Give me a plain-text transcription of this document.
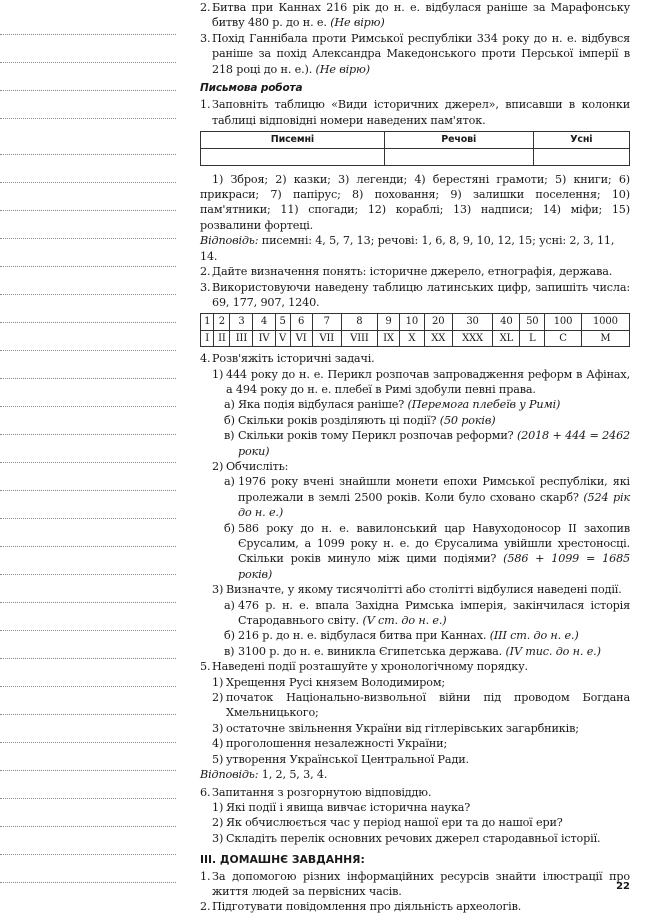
2. Битва при Каннах 216 рік до н. е. відбулася раніше за Марафонську битву 480 р. до н. е. (Не вірю)
3. Похід Ганнібала проти Римської республіки 334 року до н. е. відбувся раніше за похід Александра Македонського проти Перської імперії в 218 році до н. е.). (Не вірю)
Письмова робота
1. Заповніть таблицю «Види історичних джерел», вписавши в колонки таблиці відповідні номери наведених пам'яток.
Писемні	Речові	Усні

1) Зброя; 2) казки; 3) легенди; 4) берестяні грамоти; 5) книги; 6) прикраси; 7) папірус; 8) поховання; 9) залишки поселення; 10) пам'ятники; 11) спогади; 12) кораблі; 13) надписи; 14) міфи; 15) розвалини фортеці.
Відповідь: писемні: 4, 5, 7, 13; речові: 1, 6, 8, 9, 10, 12, 15; усні: 2, 3, 11, 14.
2. Дайте визначення понять: історичне джерело, етнографія, держава.
3. Використовуючи наведену таблицю латинських цифр, запишіть числа: 69, 177, 907, 1240.
1	2	3	4	5	6	7	8	9	10	20	30	40	50	100	1000
I	II	III	IV	V	VI	VII	VIII	IX	X	XX	XXX	XL	L	C	M
4. Розв'яжіть історичні задачі.
1) 444 року до н. е. Перикл розпочав запровадження реформ в Афінах, а 494 року до н. е. плебеї в Римі здобули певні права.
а) Яка подія відбулася раніше? (Перемога плебеїв у Римі)
б) Скільки років розділяють ці події? (50 років)
в) Скільки років тому Перикл розпочав реформи? (2018 + 444 = 2462 роки)
2) Обчисліть:
а) 1976 року вчені знайшли монети епохи Римської республіки, які пролежали в землі 2500 років. Коли було сховано скарб? (524 рік до н. е.)
б) 586 року до н. е. вавилонський цар Навуходоносор II захопив Єрусалим, а 1099 року н. е. до Єрусалима увійшли хрестоносці. Скільки років минуло між цими подіями? (586 + 1099 = 1685 років)
3) Визначте, у якому тисячолітті або столітті відбулися наведені події.
а) 476 р. н. е. впала Західна Римська імперія, закінчилася історія Стародавнього світу. (V ст. до н. е.)
б) 216 р. до н. е. відбулася битва при Каннах. (III ст. до н. е.)
в) 3100 р. до н. е. виникла Єгипетська держава. (IV тис. до н. е.)
5. Наведені події розташуйте у хронологічному порядку.
1) Хрещення Русі князем Володимиром;
2) початок Національно-визвольної війни під проводом Богдана Хмельницького;
3) остаточне звільнення України від гітлерівських загарбників;
4) проголошення незалежності України;
5) утворення Української Центральної Ради.
Відповідь: 1, 2, 5, 3, 4.
6. Запитання з розгорнутою відповіддю.
1) Які події і явища вивчає історична наука?
2) Як обчислюється час у період нашої ери та до нашої ери?
3) Складіть перелік основних речових джерел стародавньої історії.
III. ДОМАШНЄ ЗАВДАННЯ:
1. За допомогою різних інформаційних ресурсів знайти ілюстрації про життя людей за первісних часів.
2. Підготувати повідомлення про діяльність археологів.
22
